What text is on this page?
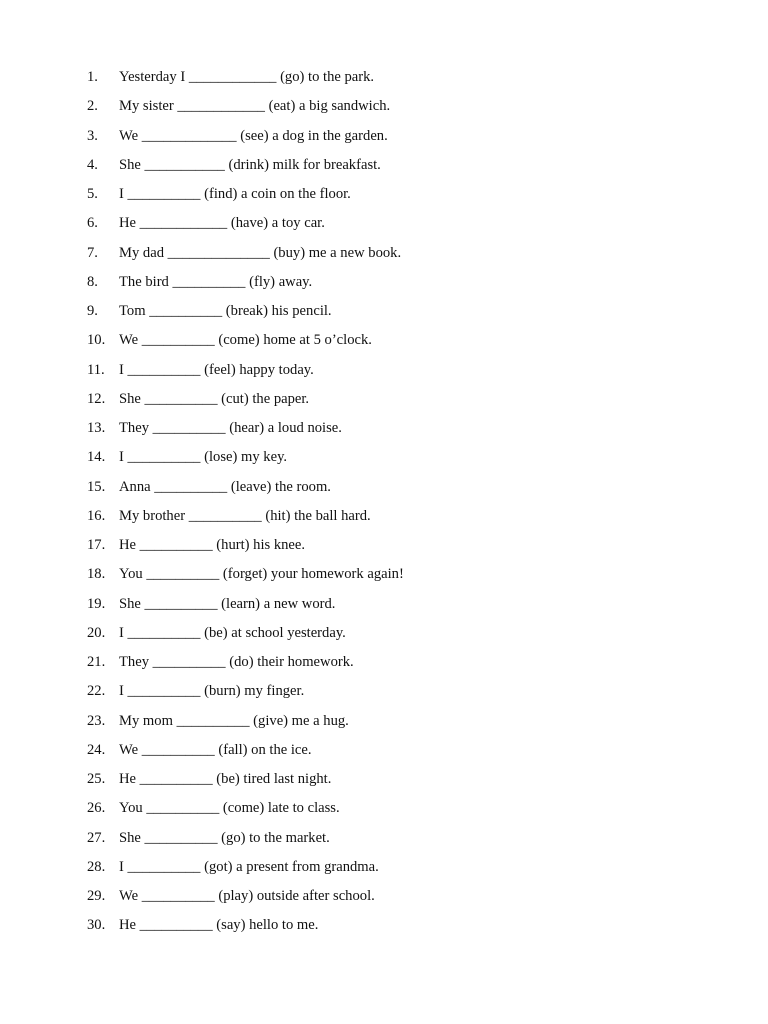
1. Yesterday I ____________ (go) to the park.
2. My sister ____________ (eat) a big sandwich.
3. We _____________ (see) a dog in the garden.
4. She ___________ (drink) milk for breakfast.
5. I __________ (find) a coin on the floor.
6. He ____________ (have) a toy car.
7. My dad ______________ (buy) me a new book.
8. The bird __________ (fly) away.
9. Tom __________ (break) his pencil.
10. We __________ (come) home at 5 o’clock.
11. I __________ (feel) happy today.
12. She __________ (cut) the paper.
13. They __________ (hear) a loud noise.
14. I __________ (lose) my key.
15. Anna __________ (leave) the room.
16. My brother __________ (hit) the ball hard.
17. He __________ (hurt) his knee.
18. You __________ (forget) your homework again!
19. She __________ (learn) a new word.
20. I __________ (be) at school yesterday.
21. They __________ (do) their homework.
22. I __________ (burn) my finger.
23. My mom __________ (give) me a hug.
24. We __________ (fall) on the ice.
25. He __________ (be) tired last night.
26. You __________ (come) late to class.
27. She __________ (go) to the market.
28. I __________ (got) a present from grandma.
29. We __________ (play) outside after school.
30. He __________ (say) hello to me.
